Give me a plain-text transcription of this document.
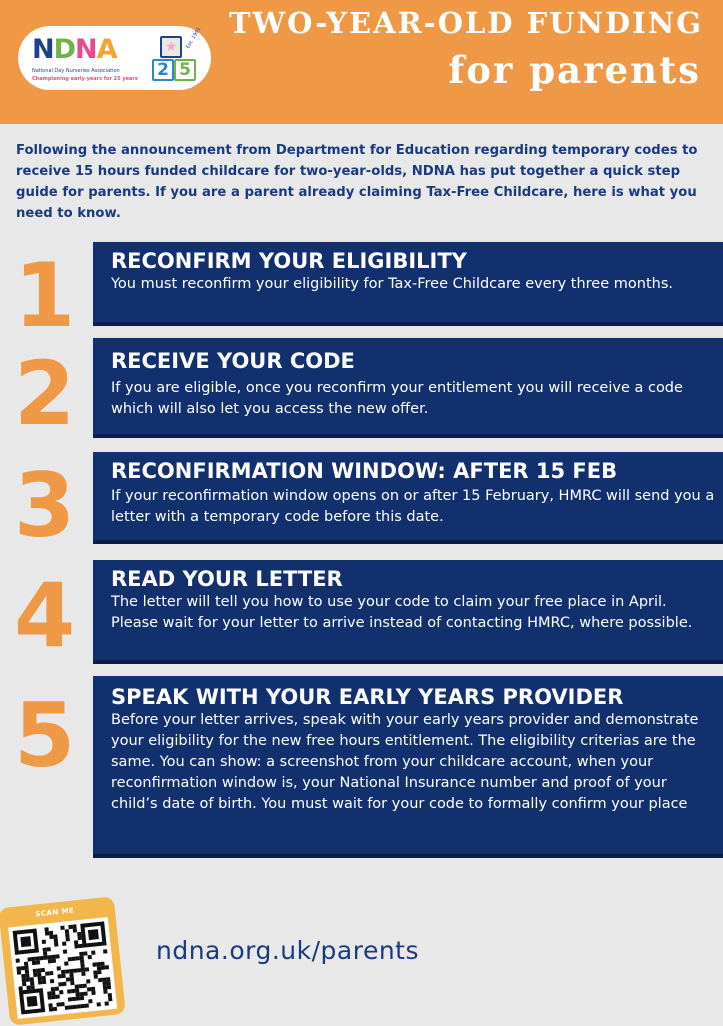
NDNA
National Day Nurseries Association
Championing early years for 25 years
Est. 1991
★
2 5
TWO-YEAR-OLD FUNDING
for parents
Following the announcement from Department for Education regarding temporary codes to receive 15 hours funded childcare for two-year-olds, NDNA has put together a quick step guide for parents. If you are a parent already claiming Tax-Free Childcare, here is what you need to know.
1 RECONFIRM YOUR ELIGIBILITY
You must reconfirm your eligibility for Tax-Free Childcare every three months.
2 RECEIVE YOUR CODE
If you are eligible, once you reconfirm your entitlement you will receive a code which will also let you access the new offer.
3 RECONFIRMATION WINDOW: AFTER 15 FEB
If your reconfirmation window opens on or after 15 February, HMRC will send you a letter with a temporary code before this date.
4 READ YOUR LETTER
The letter will tell you how to use your code to claim your free place in April. Please wait for your letter to arrive instead of contacting HMRC, where possible.
5 SPEAK WITH YOUR EARLY YEARS PROVIDER
Before your letter arrives, speak with your early years provider and demonstrate your eligibility for the new free hours entitlement. The eligibility criterias are the same. You can show: a screenshot from your childcare account, when your reconfirmation window is, your National Insurance number and proof of your child’s date of birth. You must wait for your code to formally confirm your place
SCAN ME
ndna.org.uk/parents
